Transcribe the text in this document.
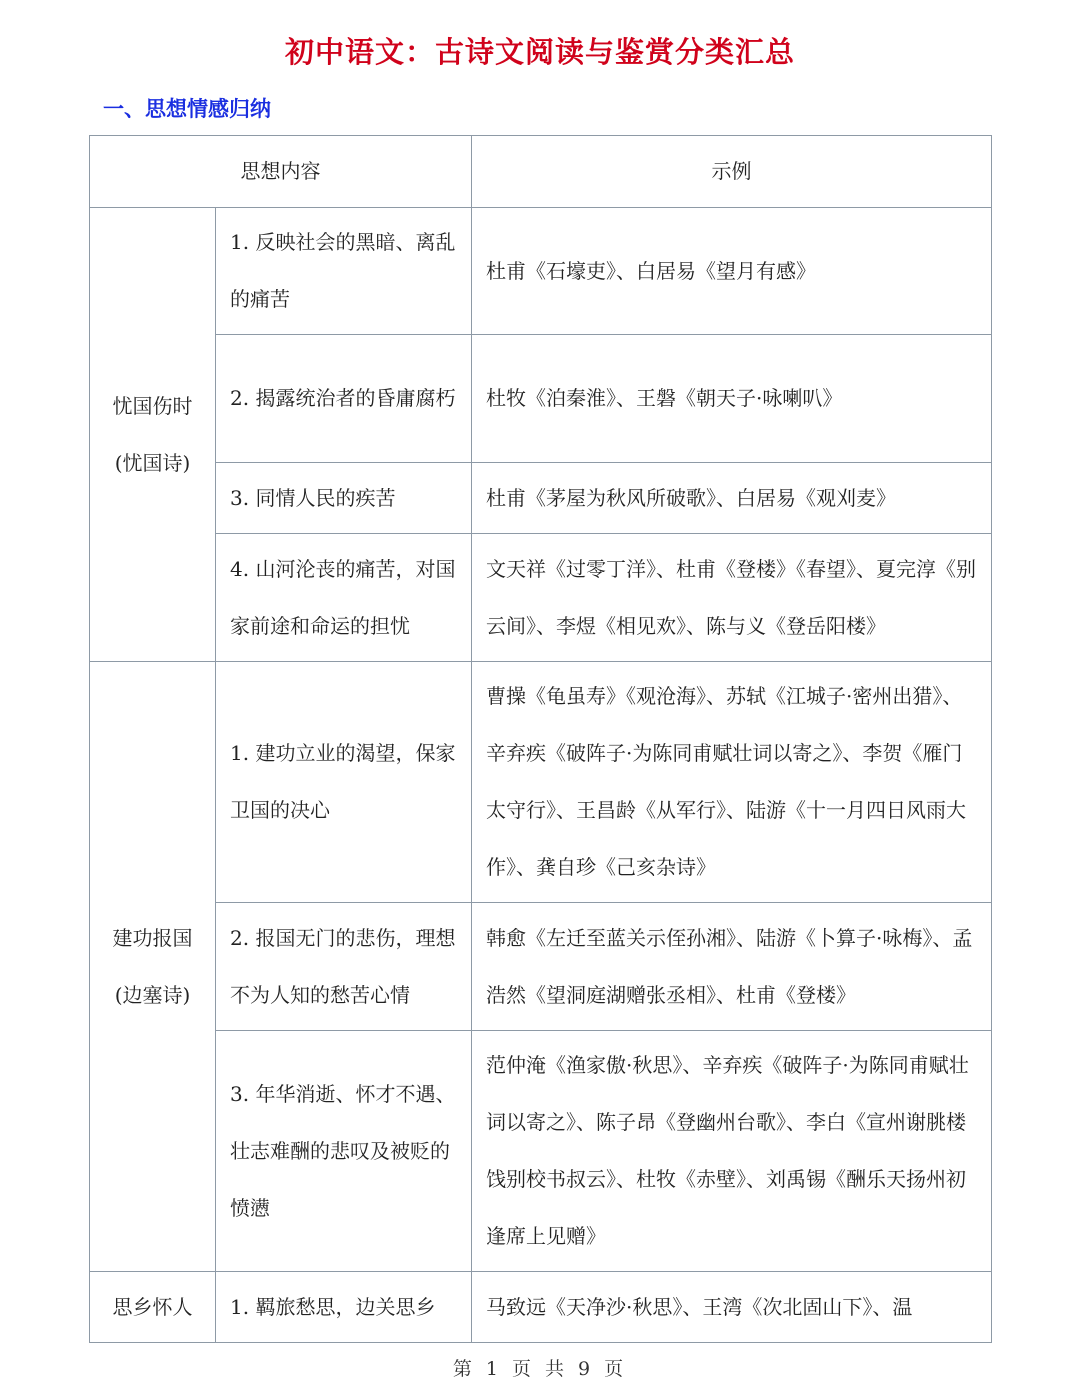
初中语文：古诗文阅读与鉴赏分类汇总
一、思想情感归纳
思想内容		示例

忧国伤时
(忧国诗)	1. 反映社会的黑暗、离乱的痛苦	杜甫《石壕吏》、白居易《望月有感》
	2. 揭露统治者的昏庸腐朽	杜牧《泊秦淮》、王磐《朝天子·咏喇叭》
	3. 同情人民的疾苦	杜甫《茅屋为秋风所破歌》、白居易《观刈麦》
	4. 山河沦丧的痛苦，对国家前途和命运的担忧	文天祥《过零丁洋》、杜甫《登楼》《春望》、夏完淳《别云间》、李煜《相见欢》、陈与义《登岳阳楼》

建功报国
(边塞诗)	1. 建功立业的渴望，保家卫国的决心	曹操《龟虽寿》《观沧海》、苏轼《江城子·密州出猎》、辛弃疾《破阵子·为陈同甫赋壮词以寄之》、李贺《雁门太守行》、王昌龄《从军行》、陆游《十一月四日风雨大作》、龚自珍《己亥杂诗》
	2. 报国无门的悲伤，理想不为人知的愁苦心情	韩愈《左迁至蓝关示侄孙湘》、陆游《卜算子·咏梅》、孟浩然《望洞庭湖赠张丞相》、杜甫《登楼》
	3. 年华消逝、怀才不遇、壮志难酬的悲叹及被贬的愤懑	范仲淹《渔家傲·秋思》、辛弃疾《破阵子·为陈同甫赋壮词以寄之》、陈子昂《登幽州台歌》、李白《宣州谢朓楼饯别校书叔云》、杜牧《赤壁》、刘禹锡《酬乐天扬州初逢席上见赠》

思乡怀人	1. 羁旅愁思，边关思乡	马致远《天净沙·秋思》、王湾《次北固山下》、温
第 1 页 共 9 页
